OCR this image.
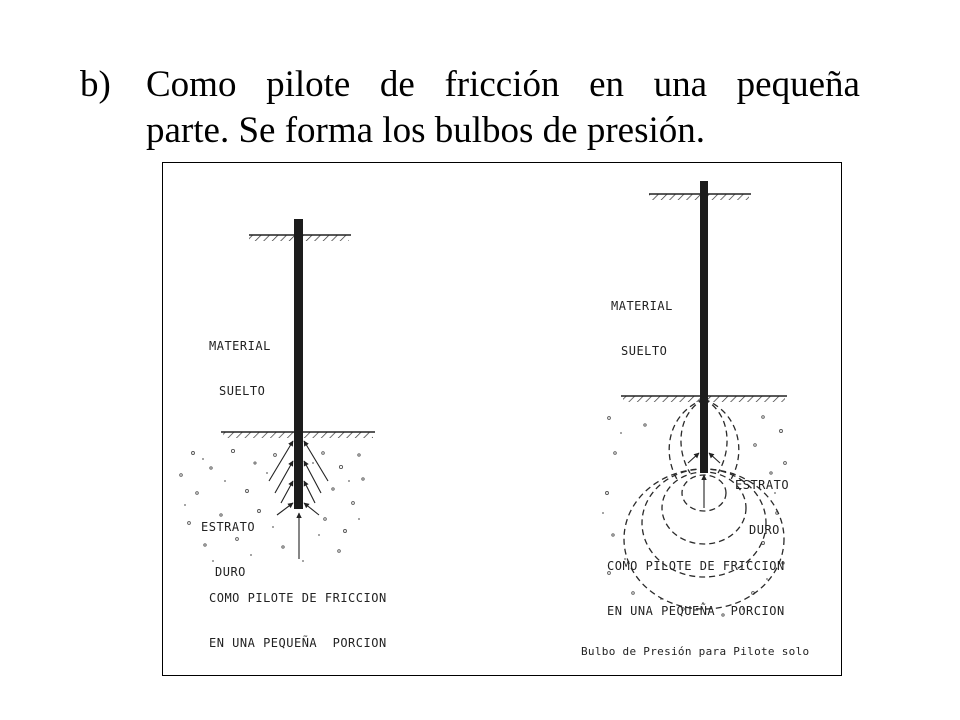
b) Como pilote de fricción en una pequeña
parte. Se forma los bulbos de presión.

MATERIAL

SUELTO

ESTRATO

DURO

COMO PILOTE DE FRICCION

EN UNA PEQUEÑA  PORCION

MATERIAL

SUELTO

ESTRATO

DURO

COMO PILOTE DE FRICCION

EN UNA PEQUEÑA  PORCION

Bulbo de Presión para Pilote solo
